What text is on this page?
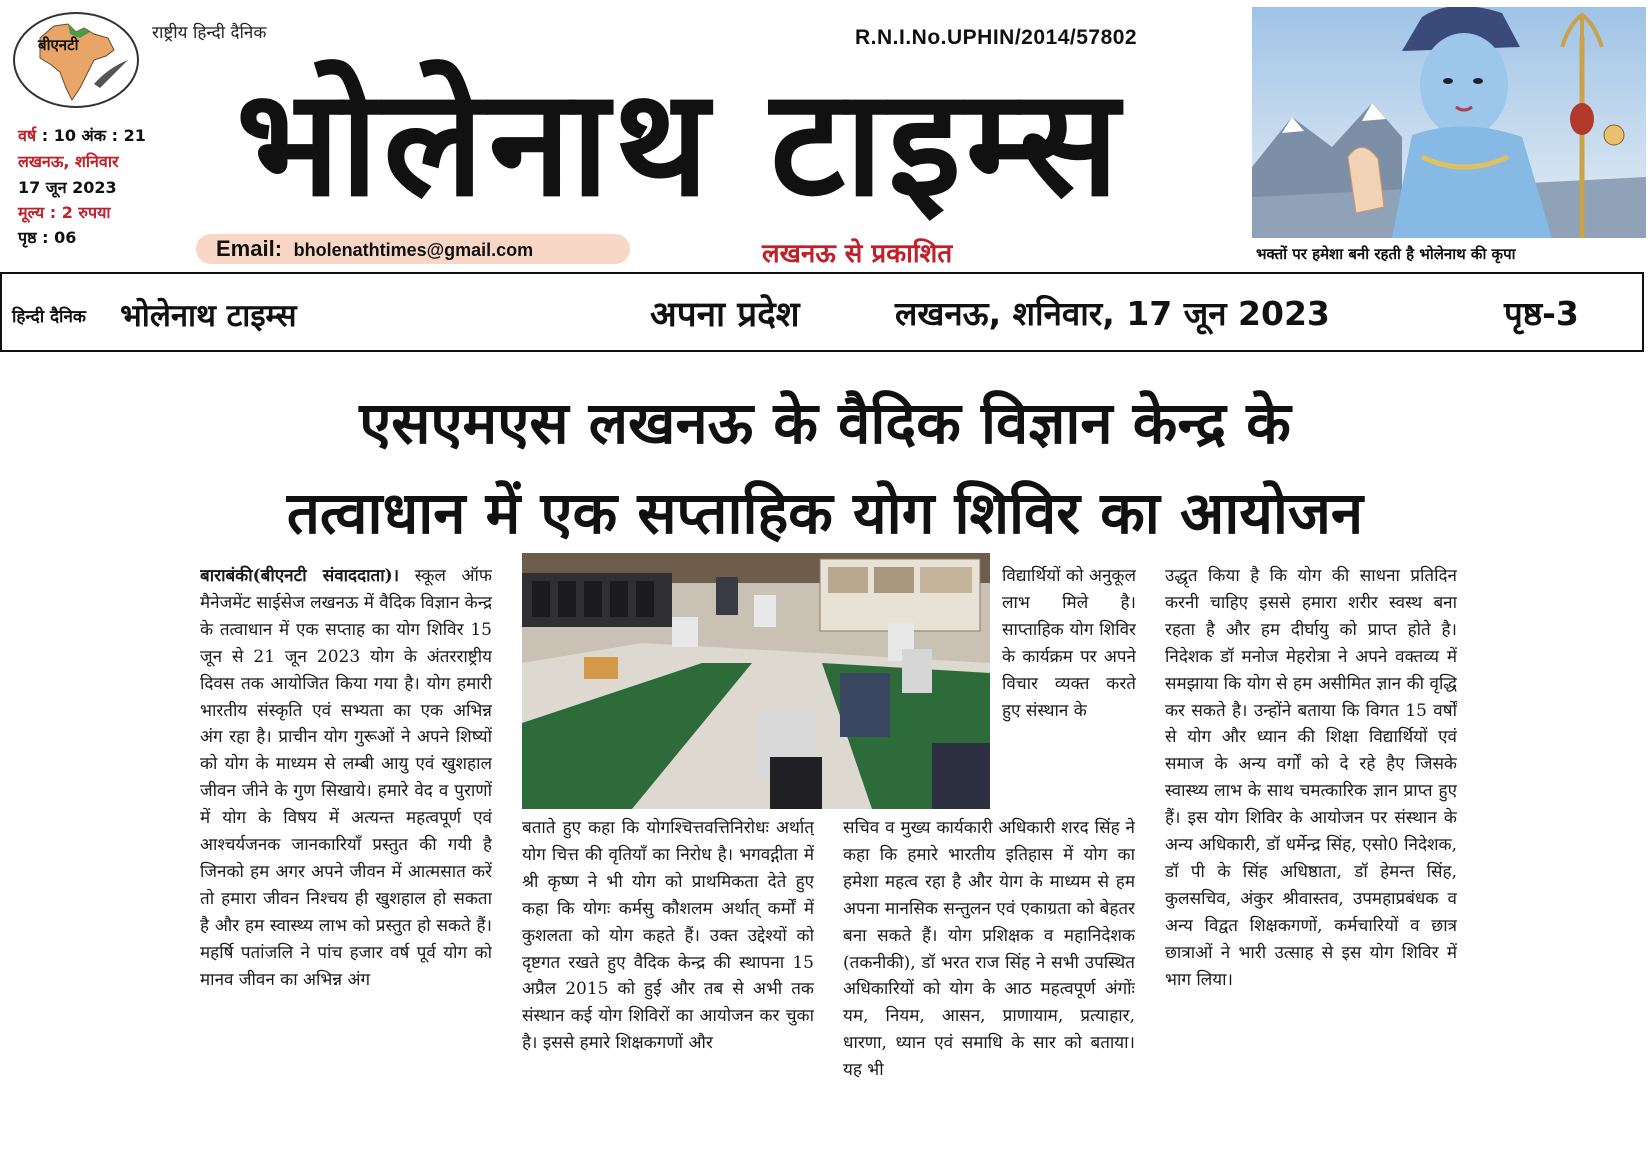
बीएनटी
राष्ट्रीय हिन्दी दैनिक
वर्ष : 10 अंक : 21
लखनऊ, शनिवार
17 जून 2023
मूल्य : 2 रुपया
पृष्ठ : 06
R.N.I.No.UPHIN/2014/57802
भोलेनाथ टाइम्स
Email: bholenathtimes@gmail.com	लखनऊ से प्रकाशित	भक्तों पर हमेशा बनी रहती है भोलेनाथ की कृपा
हिन्दी दैनिक भोलेनाथ टाइम्स	अपना प्रदेश	लखनऊ, शनिवार, 17 जून 2023	पृष्ठ-3
एसएमएस लखनऊ के वैदिक विज्ञान केन्द्र के
तत्वाधान में एक सप्ताहिक योग शिविर का आयोजन

बाराबंकी(बीएनटी संवाददाता)। स्कूल ऑफ मैनेजमेंट साईसेज लखनऊ में वैदिक विज्ञान केन्द्र के तत्वाधान में एक सप्ताह का योग शिविर 15 जून से 21 जून 2023 योग के अंतरराष्ट्रीय दिवस तक आयोजित किया गया है। योग हमारी भारतीय संस्कृति एवं सभ्यता का एक अभिन्न अंग रहा है। प्राचीन योग गुरूओं ने अपने शिष्यों को योग के माध्यम से लम्बी आयु एवं खुशहाल जीवन जीने के गुण सिखाये। हमारे वेद व पुराणों में योग के विषय में अत्यन्त महत्वपूर्ण एवं आश्चर्यजनक जानकारियाँ प्रस्तुत की गयी है जिनको हम अगर अपने जीवन में आत्मसात करें तो हमारा जीवन निश्चय ही खुशहाल हो सकता है और हम स्वास्थ्य लाभ को प्रस्तुत हो सकते हैं। महर्षि पतांजलि ने पांच हजार वर्ष पूर्व योग को मानव जीवन का अभिन्न अंग

विद्यार्थियों को अनुकूल लाभ मिले है। साप्ताहिक योग शिविर के कार्यक्रम पर अपने विचार व्यक्त करते हुए संस्थान के

बताते हुए कहा कि योगश्चित्तवत्तिनिरोधः अर्थात् योग चित्त की वृतियाँ का निरोध है। भगवद्गीता में श्री कृष्ण ने भी योग को प्राथमिकता देते हुए कहा कि योगः कर्मसु कौशलम अर्थात् कर्मों में कुशलता को योग कहते हैं। उक्त उद्देश्यों को दृष्टगत रखते हुए वैदिक केन्द्र की स्थापना 15 अप्रैल 2015 को हुई और तब से अभी तक संस्थान कई योग शिविरों का आयोजन कर चुका है। इससे हमारे शिक्षकगणों और

सचिव व मुख्य कार्यकारी अधिकारी शरद सिंह ने कहा कि हमारे भारतीय इतिहास में योग का हमेशा महत्व रहा है और येाग के माध्यम से हम अपना मानसिक सन्तुलन एवं एकाग्रता को बेहतर बना सकते हैं। योग प्रशिक्षक व महानिदेशक (तकनीकी), डॉ भरत राज सिंह ने सभी उपस्थित अधिकारियों को योग के आठ महत्वपूर्ण अंगोंः यम, नियम, आसन, प्राणायाम, प्रत्याहार, धारणा, ध्यान एवं समाधि के सार को बताया। यह भी

उद्धृत किया है कि योग की साधना प्रतिदिन करनी चाहिए इससे हमारा शरीर स्वस्थ बना रहता है और हम दीर्घायु को प्राप्त होते है। निदेशक डॉ मनोज मेहरोत्रा ने अपने वक्तव्य में समझाया कि योग से हम असीमित ज्ञान की वृद्धि कर सकते है। उन्होंने बताया कि विगत 15 वर्षों से योग और ध्यान की शिक्षा विद्यार्थियों एवं समाज के अन्य वर्गों को दे रहे हैए जिसके स्वास्थ्य लाभ के साथ चमत्कारिक ज्ञान प्राप्त हुए हैं। इस योग शिविर के आयोजन पर संस्थान के अन्य अधिकारी, डॉ धर्मेन्द्र सिंह, एसो0 निदेशक, डॉ पी के सिंह अधिष्ठाता, डॉ हेमन्त सिंह, कुलसचिव, अंकुर श्रीवास्तव, उपमहाप्रबंधक व अन्य विद्वत शिक्षकगणों, कर्मचारियों व छात्र छात्राओं ने भारी उत्साह से इस योग शिविर में भाग लिया।
